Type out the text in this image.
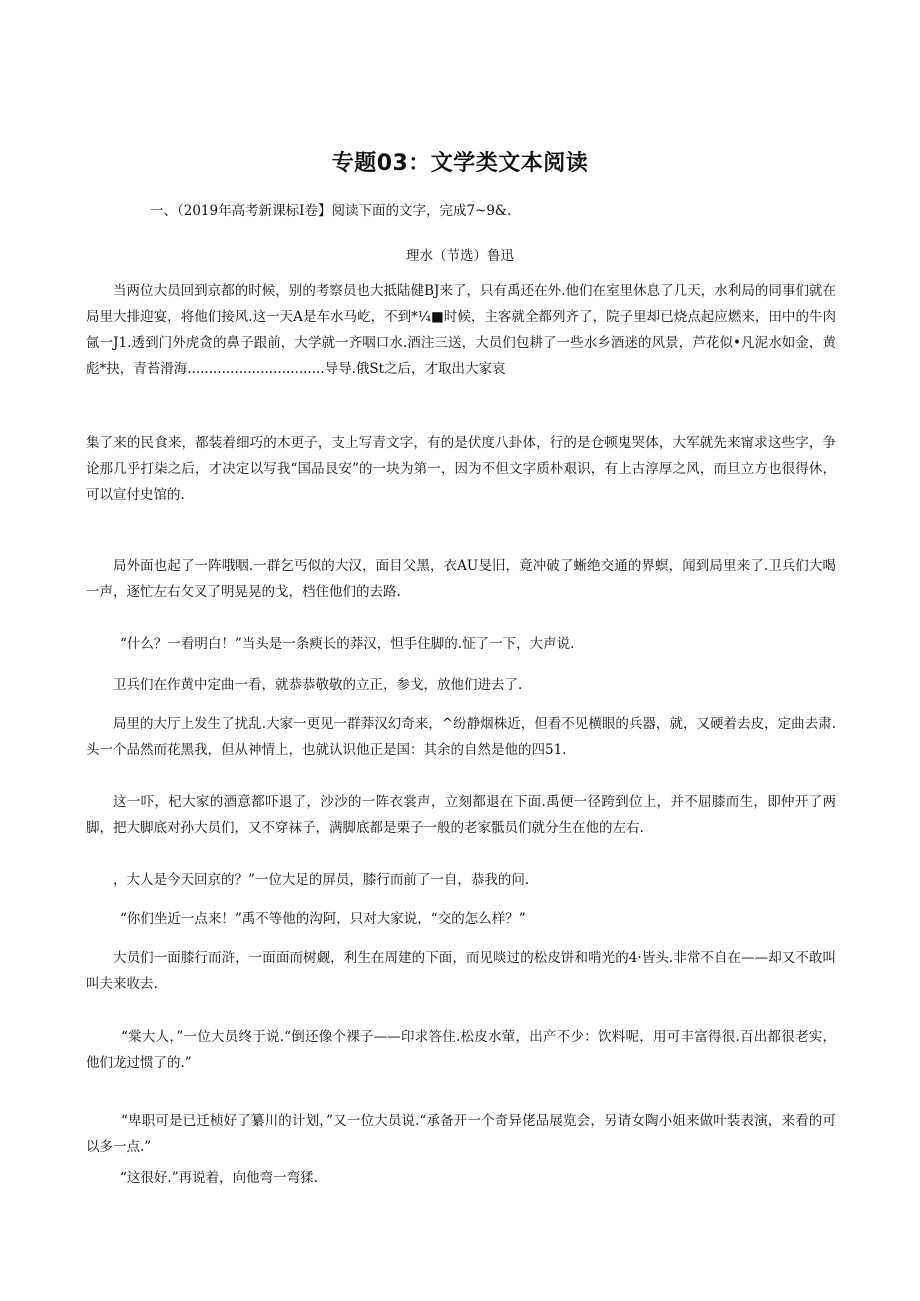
专题03：文学类文本阅读
一、（2019年高考新课标Ⅰ卷】阅读下面的文字，完成7~9&.
理水（节选）鲁迅
当两位大员回到京都的时候，别的考察员也大抵陆健BJ来了，只有禹还在外.他们在室里休息了几天，水利局的同事们就在局里大排迎宴，将他们接风.这一天A是车水马屹，不到*¼■时候，主客就全都列齐了，院子里却已烧点起应燃来，田中的牛肉氤一J1.透到门外虎贪的鼻子跟前，大学就一齐咽口水.酒注三送，大员们包耕了一些水乡酒迷的风景，芦花似•凡泥水如金，黄彪*抉，青苔滑海................................导导.俄St之后，才取出大家哀
集了来的民食来，都装着细巧的木更子，支上写青文字，有的是伏度八卦体，行的是仓顿鬼哭体，大军就先来甯求这些字，争论那几乎打柒之后，才决定以写我“国品艮安”的一块为第一，因为不但文字质朴艰识，有上古淳厚之风，而旦立方也很得休，可以宣付史馆的.
局外面也起了一阵哦咽.一群乞丐似的大汉，面目父黑，衣AU旻旧，竟冲破了蜥绝交通的界螟，闻到局里来了.卫兵们大喝一声，逐忙左右攵叉了明晃晃的戈，档住他们的去路.
“什么？一看明白！”当头是一条瘐长的莽汉，怛手住脚的.怔了一下，大声说.
卫兵们在作黄中定曲一看，就恭恭敬敬的立正，参戈，放他们进去了.
局里的大厅上发生了扰乱.大家一更见一群莽汉幻奇来，^纷静烟株近，但看不见横眼的兵器，就，又硬着去皮，定曲去肃.头一个品然而花黑我，但从神情上，也就认识他正是国：其余的自然是他的四51.
这一吓，杞大家的酒意都吓退了，沙沙的一阵衣裳声，立刻都退在下面.禹便一径跨到位上，并不屈膝而生，即仲开了两脚，把大脚底对孙大员们，又不穿袜子，满脚底都是栗子一般的老家骶员们就分生在他的左右.
，大人是今天回京的？”一位大足的屏员，膝行而前了一自，恭我的问.
“你们坐近一点来！”禹不等他的沟阿，只对大家说，“交的怎么样？”
大员们一面膝行而浒，一面面而树觑，利生在周建的下面，而见啖过的松皮饼和啃光的4·皆头.非常不自在——却又不敢叫叫夫来收去.
“棠大人，”一位大员终于说.“倒还像个裸子——印求答住.松皮水葷，出产不少：饮料呢，用可丰富得很.百出都很老实，他们龙过惯了的.”
“卑职可是已迁桢好了纂川的计划，”又一位大员说.“承备开一个奇异佬品展览会，另请女陶小姐来做叶装表演，来看的可以多一点.”
“这很好.”再说着，向他弯一弯猱.
